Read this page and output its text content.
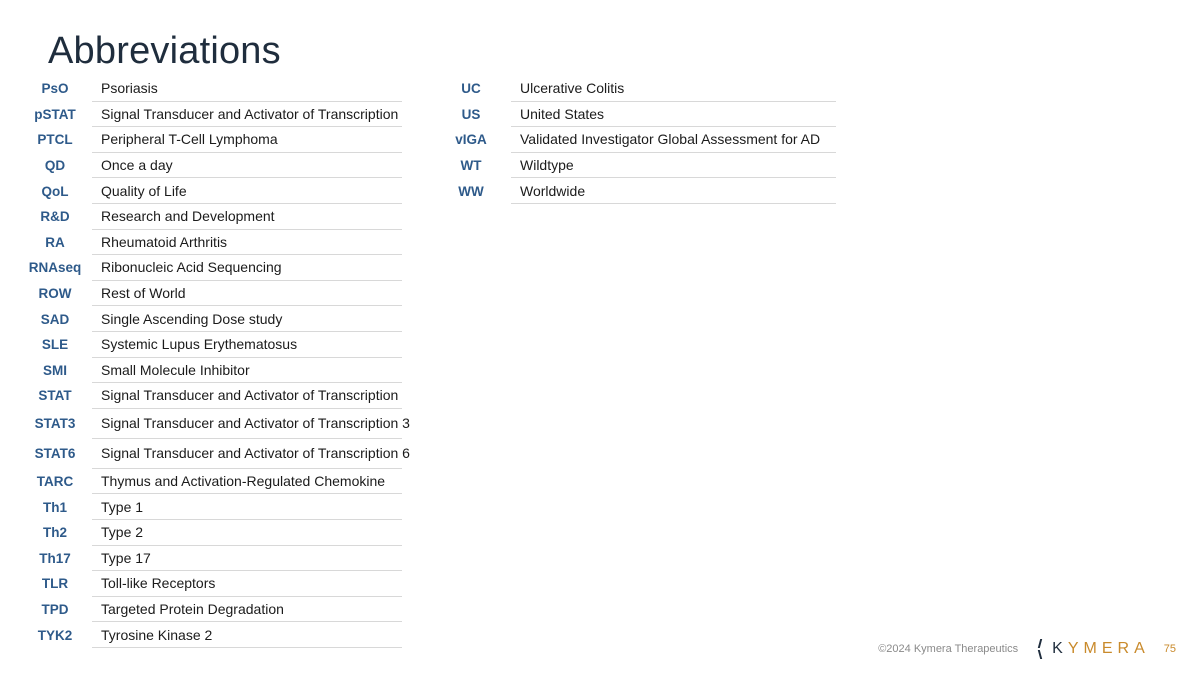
Abbreviations
PsO	Psoriasis
pSTAT	Signal Transducer and Activator of Transcription
PTCL	Peripheral T-Cell Lymphoma
QD	Once a day
QoL	Quality of Life
R&D	Research and Development
RA	Rheumatoid Arthritis
RNAseq	Ribonucleic Acid Sequencing
ROW	Rest of World
SAD	Single Ascending Dose study
SLE	Systemic Lupus Erythematosus
SMI	Small Molecule Inhibitor
STAT	Signal Transducer and Activator of Transcription
STAT3	Signal Transducer and Activator of Transcription 3
STAT6	Signal Transducer and Activator of Transcription 6
TARC	Thymus and Activation-Regulated Chemokine
Th1	Type 1
Th2	Type 2
Th17	Type 17
TLR	Toll-like Receptors
TPD	Targeted Protein Degradation
TYK2	Tyrosine Kinase 2
UC	Ulcerative Colitis
US	United States
vIGA	Validated Investigator Global Assessment for AD
WT	Wildtype
WW	Worldwide
©2024 Kymera Therapeutics KYMERA 75
